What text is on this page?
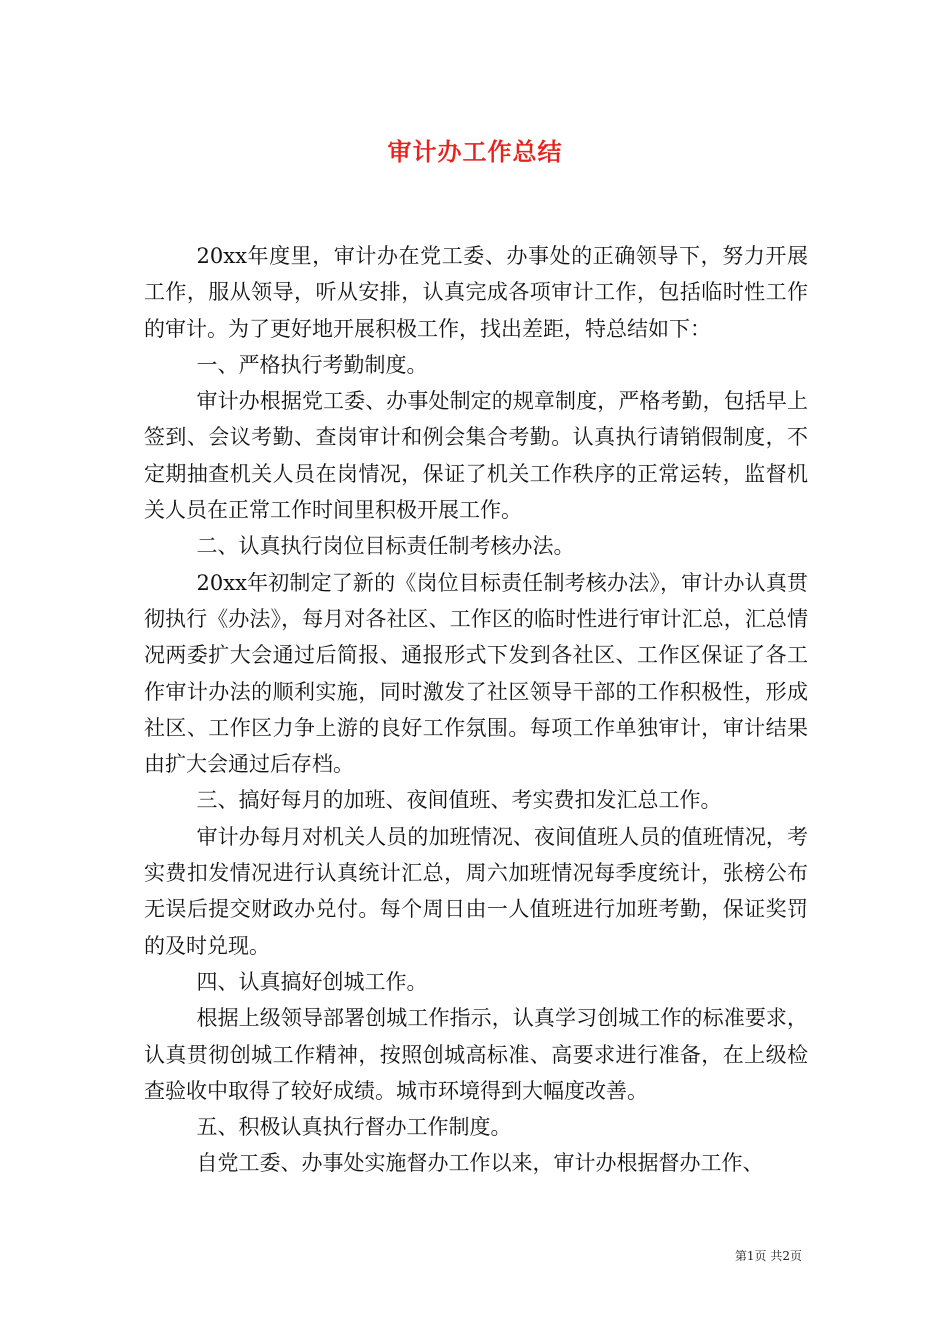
审计办工作总结

20xx年度里，审计办在党工委、办事处的正确领导下，努力开展工作，服从领导，听从安排，认真完成各项审计工作，包括临时性工作的审计。为了更好地开展积极工作，找出差距，特总结如下：

一、严格执行考勤制度。

审计办根据党工委、办事处制定的规章制度，严格考勤，包括早上签到、会议考勤、查岗审计和例会集合考勤。认真执行请销假制度，不定期抽查机关人员在岗情况，保证了机关工作秩序的正常运转，监督机关人员在正常工作时间里积极开展工作。

二、认真执行岗位目标责任制考核办法。

20xx年初制定了新的《岗位目标责任制考核办法》，审计办认真贯彻执行《办法》，每月对各社区、工作区的临时性进行审计汇总，汇总情况两委扩大会通过后简报、通报形式下发到各社区、工作区保证了各工作审计办法的顺利实施，同时激发了社区领导干部的工作积极性，形成社区、工作区力争上游的良好工作氛围。每项工作单独审计，审计结果由扩大会通过后存档。

三、搞好每月的加班、夜间值班、考实费扣发汇总工作。

审计办每月对机关人员的加班情况、夜间值班人员的值班情况，考实费扣发情况进行认真统计汇总，周六加班情况每季度统计，张榜公布无误后提交财政办兑付。每个周日由一人值班进行加班考勤，保证奖罚的及时兑现。

四、认真搞好创城工作。

根据上级领导部署创城工作指示，认真学习创城工作的标准要求，认真贯彻创城工作精神，按照创城高标准、高要求进行准备，在上级检查验收中取得了较好成绩。城市环境得到大幅度改善。

五、积极认真执行督办工作制度。

自党工委、办事处实施督办工作以来，审计办根据督办工作、

第1页 共2页
